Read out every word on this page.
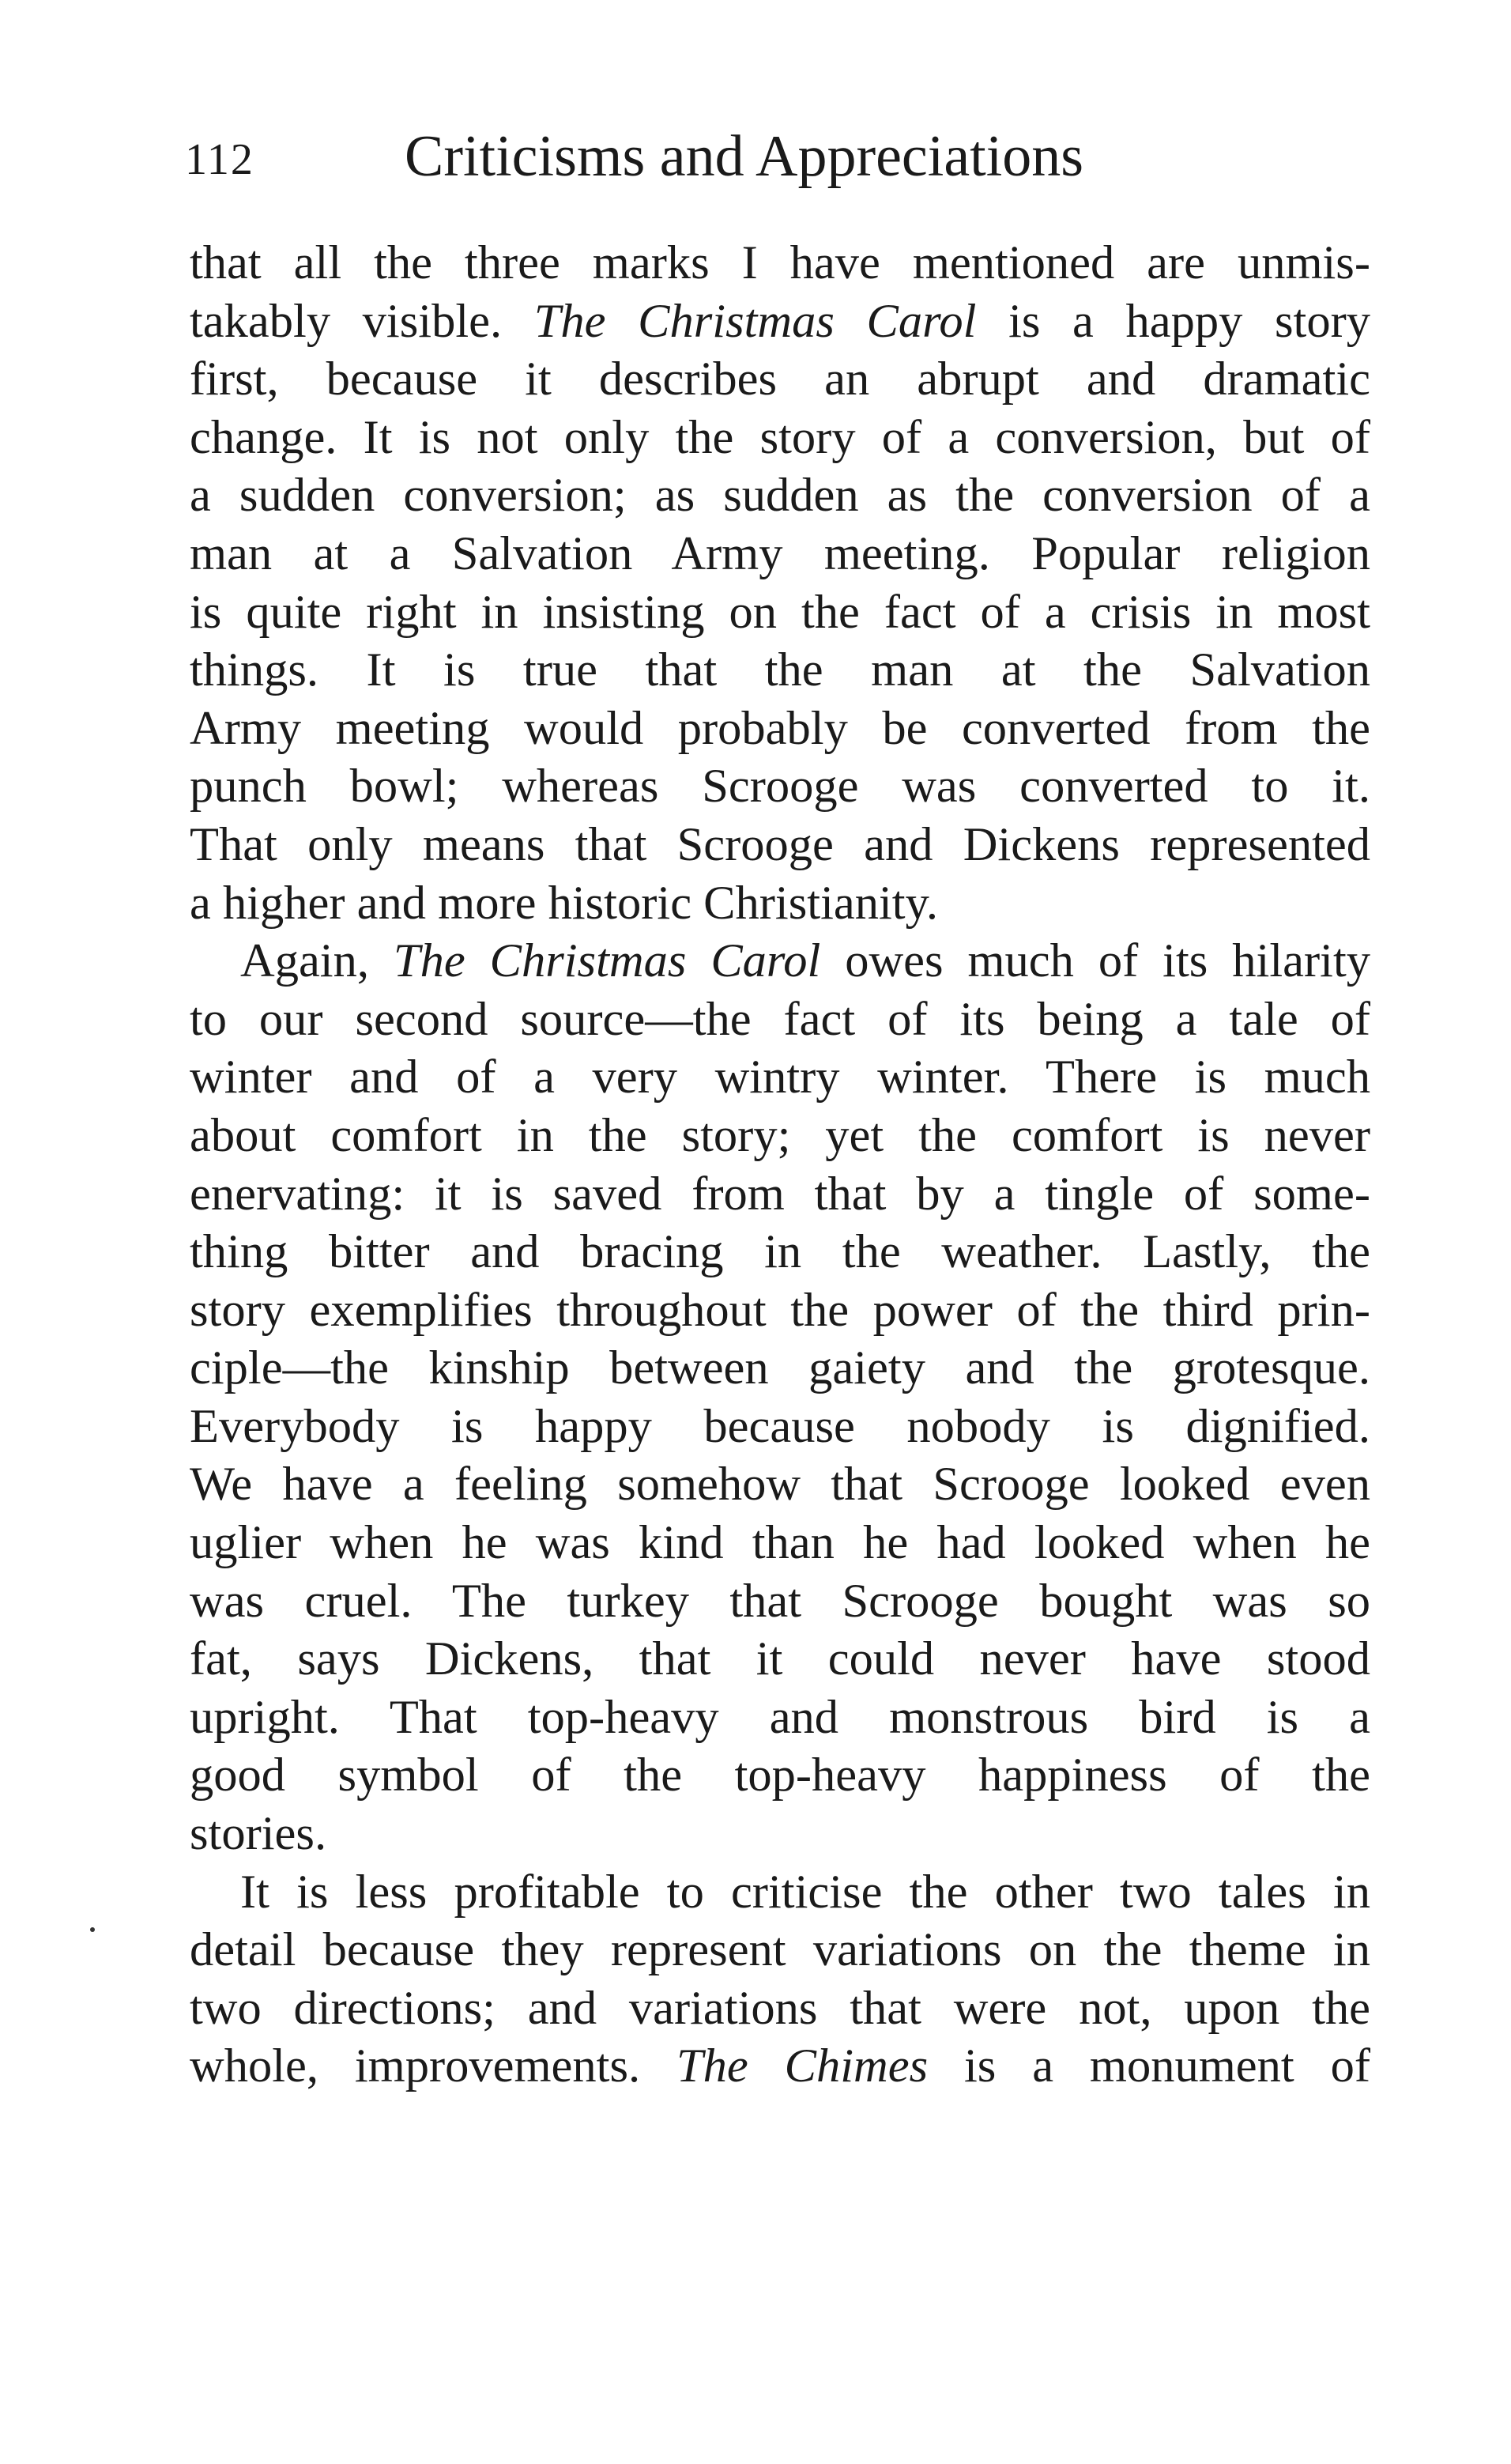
112	Criticisms and Appreciations
that all the three marks I have mentioned are unmis-
takably visible. The Christmas Carol is a happy story
first, because it describes an abrupt and dramatic
change. It is not only the story of a conversion, but of
a sudden conversion; as sudden as the conversion of a
man at a Salvation Army meeting. Popular religion
is quite right in insisting on the fact of a crisis in most
things. It is true that the man at the Salvation
Army meeting would probably be converted from the
punch bowl; whereas Scrooge was converted to it.
That only means that Scrooge and Dickens represented
a higher and more historic Christianity.
Again, The Christmas Carol owes much of its hilarity
to our second source—the fact of its being a tale of
winter and of a very wintry winter. There is much
about comfort in the story; yet the comfort is never
enervating: it is saved from that by a tingle of some-
thing bitter and bracing in the weather. Lastly, the
story exemplifies throughout the power of the third prin-
ciple—the kinship between gaiety and the grotesque.
Everybody is happy because nobody is dignified.
We have a feeling somehow that Scrooge looked even
uglier when he was kind than he had looked when he
was cruel. The turkey that Scrooge bought was so
fat, says Dickens, that it could never have stood
upright. That top-heavy and monstrous bird is a
good symbol of the top-heavy happiness of the
stories.
It is less profitable to criticise the other two tales in
detail because they represent variations on the theme in
two directions; and variations that were not, upon the
whole, improvements. The Chimes is a monument of
